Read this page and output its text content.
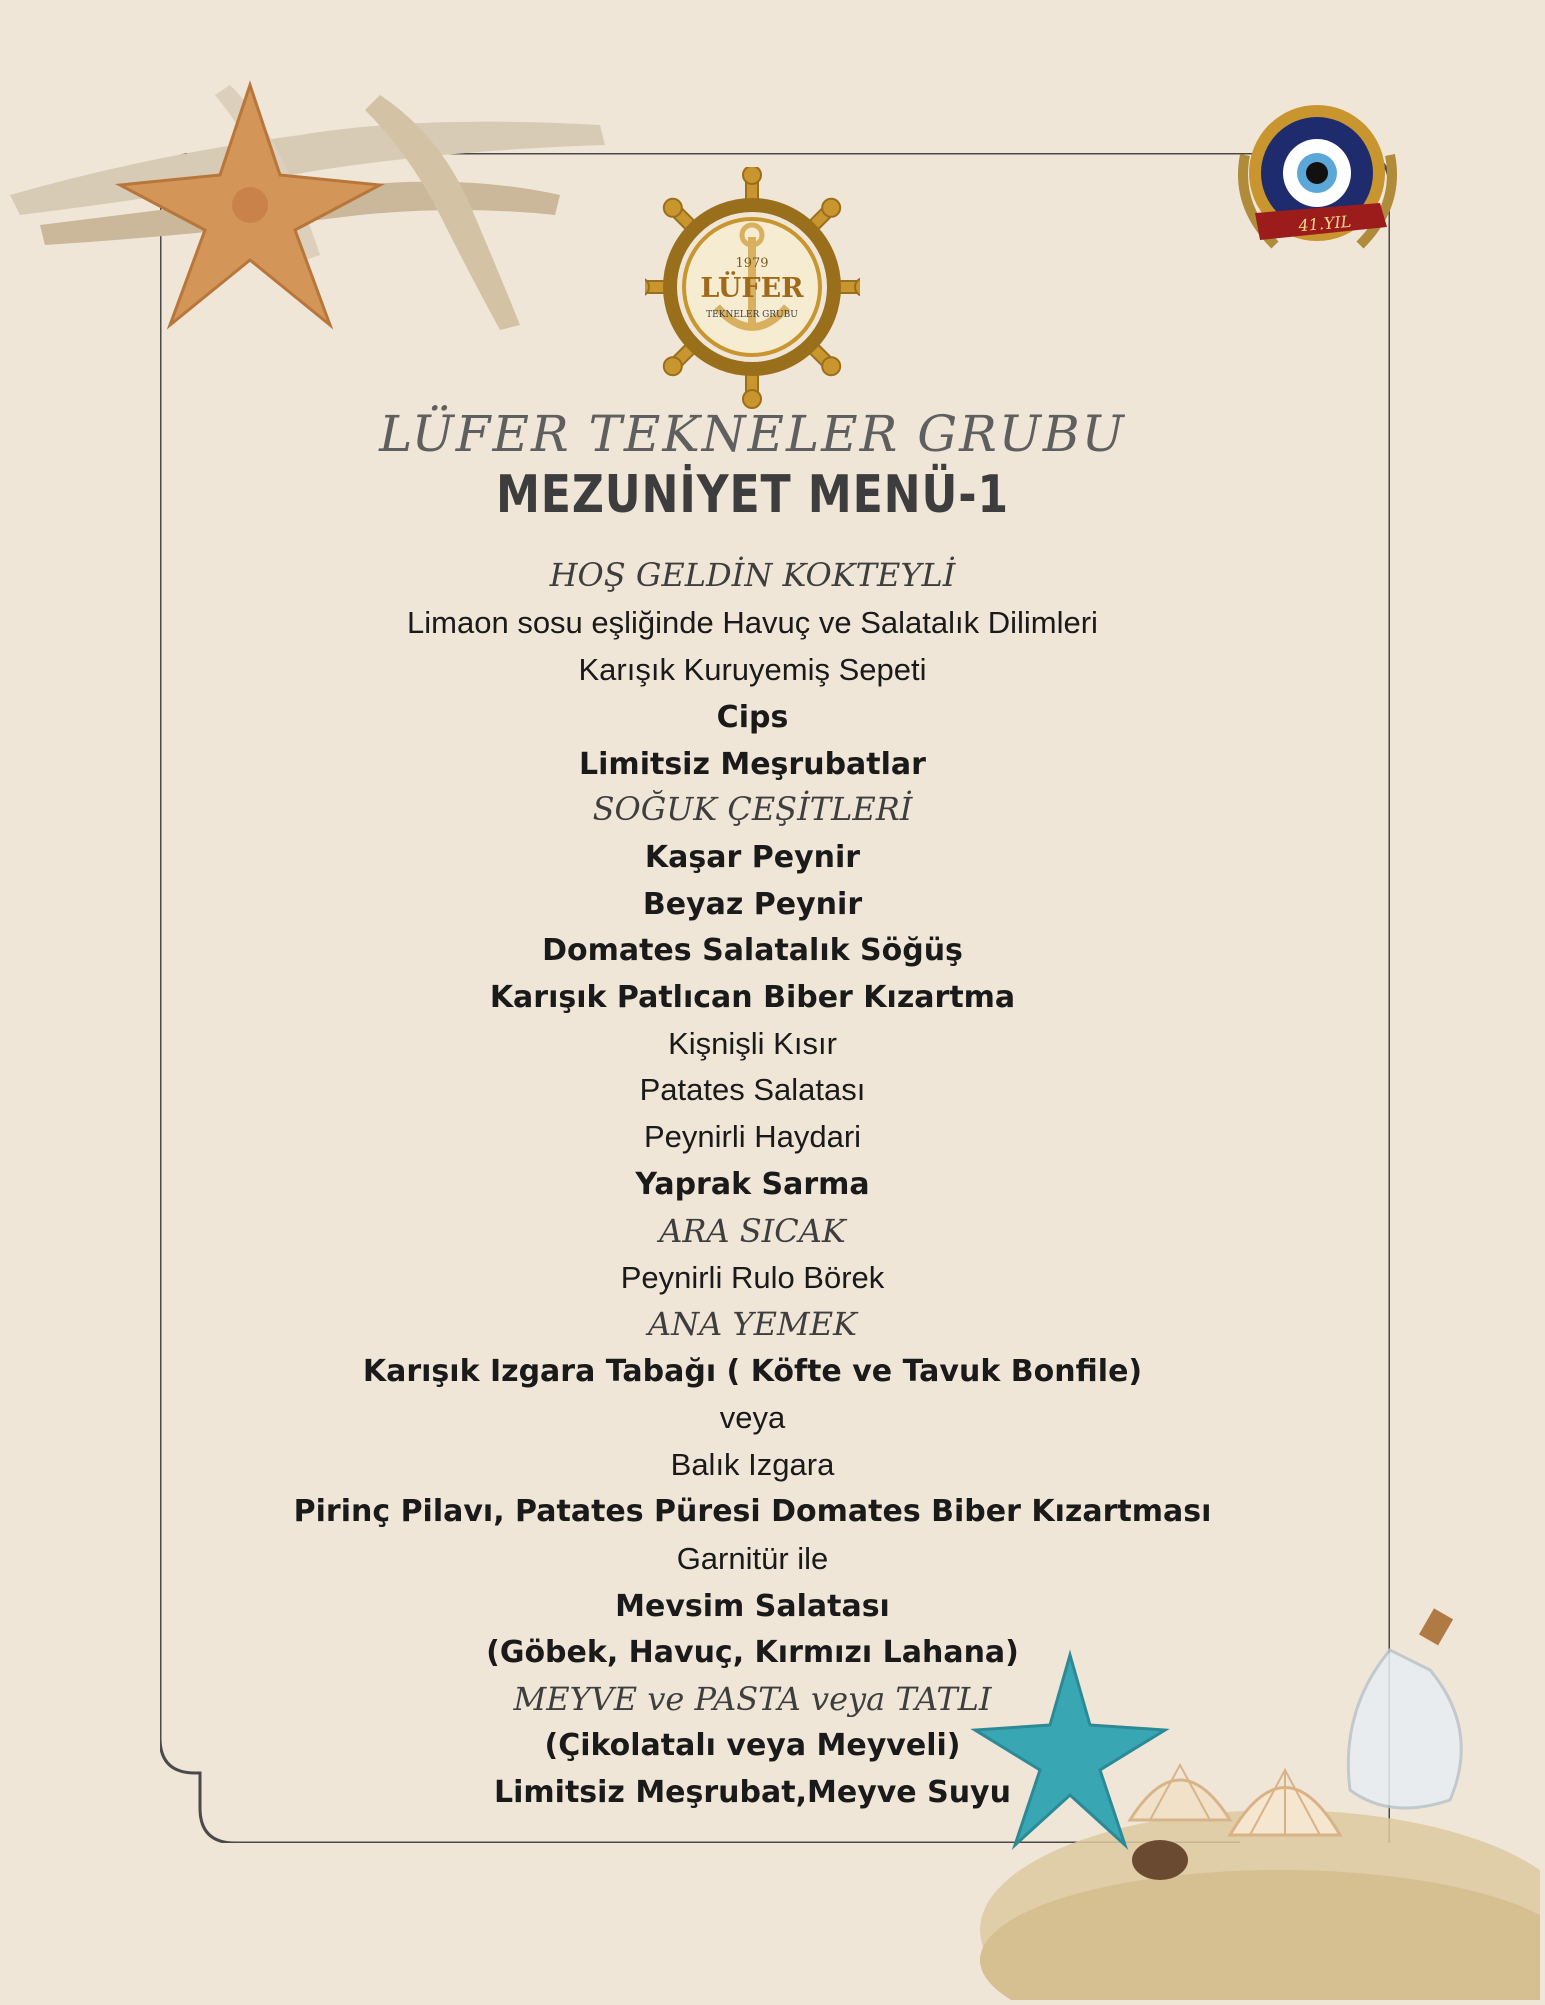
1979
LÜFER
TEKNELER GRUBU
41.YIL
LÜFER TEKNELER GRUBU
MEZUNİYET MENÜ-1
HOŞ GELDİN KOKTEYLİ
Limaon sosu eşliğinde Havuç ve Salatalık Dilimleri
Karışık Kuruyemiş Sepeti
Cips
Limitsiz Meşrubatlar
SOĞUK ÇEŞİTLERİ
Kaşar Peynir
Beyaz Peynir
Domates Salatalık Söğüş
Karışık Patlıcan Biber Kızartma
Kişnişli Kısır
Patates Salatası
Peynirli Haydari
Yaprak Sarma
ARA SICAK
Peynirli Rulo Börek
ANA YEMEK
Karışık Izgara Tabağı ( Köfte ve Tavuk Bonfile)
veya
Balık Izgara
Pirinç Pilavı, Patates Püresi Domates Biber Kızartması
Garnitür ile
Mevsim Salatası
(Göbek, Havuç, Kırmızı Lahana)
MEYVE ve PASTA veya TATLI
(Çikolatalı veya Meyveli)
Limitsiz Meşrubat,Meyve Suyu
